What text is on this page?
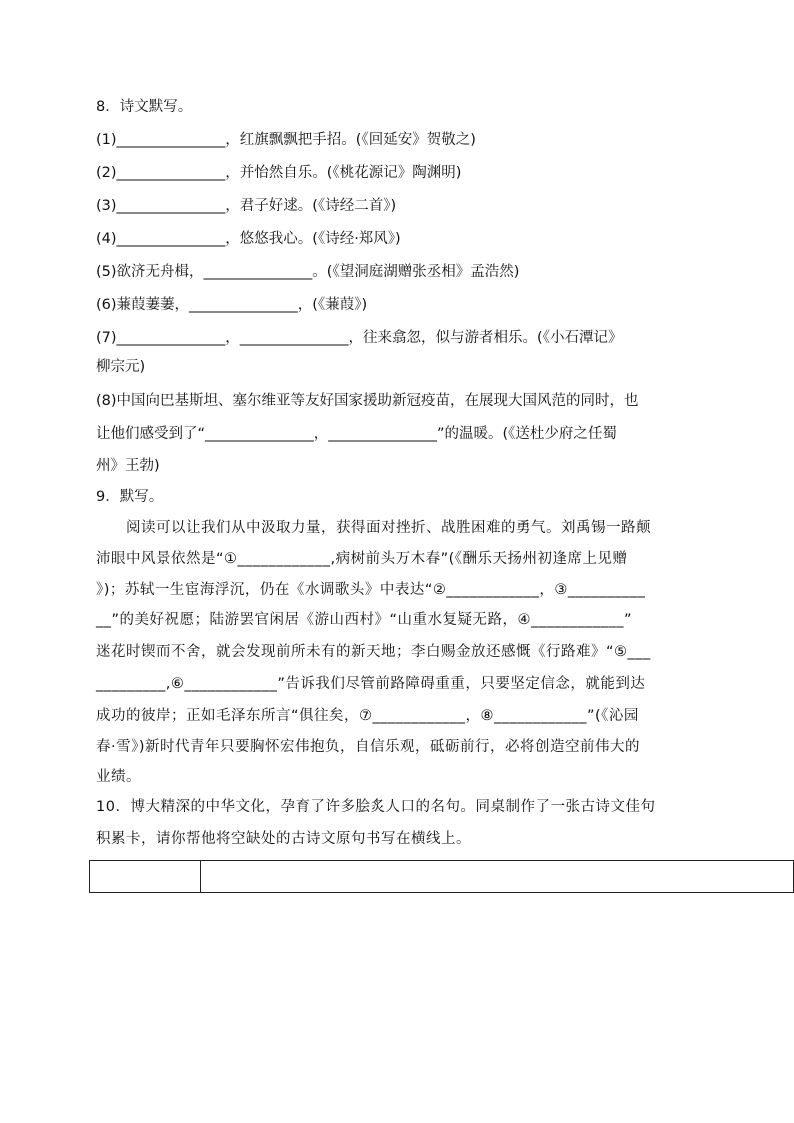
8．诗文默写。
(1)_______________，红旗飘飘把手招。(《回延安》贺敬之)
(2)_______________，并怡然自乐。(《桃花源记》陶渊明)
(3)_______________，君子好逑。(《诗经二首》)
(4)_______________，悠悠我心。(《诗经·郑风》)
(5)欲济无舟楫，_______________。(《望洞庭湖赠张丞相》孟浩然)
(6)蒹葭萋萋，_______________，(《蒹葭》)
(7)_______________，_______________，往来翕忽，似与游者相乐。(《小石潭记》
柳宗元)
(8)中国向巴基斯坦、塞尔维亚等友好国家援助新冠疫苗，在展现大国风范的同时，也
让他们感受到了“_______________，_______________”的温暖。(《送杜少府之任蜀
州》王勃)
9．默写。
阅读可以让我们从中汲取力量，获得面对挫折、战胜困难的勇气。刘禹锡一路颠
沛眼中风景依然是“①____________,病树前头万木春”(《酬乐天扬州初逢席上见赠
》)；苏轼一生宦海浮沉，仍在《水调歌头》中表达“②____________，③__________
__”的美好祝愿；陆游罢官闲居《游山西村》“山重水复疑无路，④____________”
迷花时锲而不舍，就会发现前所未有的新天地；李白赐金放还感慨《行路难》“⑤___
_________,⑥____________”告诉我们尽管前路障碍重重，只要坚定信念，就能到达
成功的彼岸；正如毛泽东所言“俱往矣，⑦____________，⑧____________”(《沁园
春·雪》)新时代青年只要胸怀宏伟抱负，自信乐观，砥砺前行，必将创造空前伟大的
业绩。
10．博大精深的中华文化，孕育了许多脍炙人口的名句。同桌制作了一张古诗文佳句
积累卡，请你帮他将空缺处的古诗文原句书写在横线上。
